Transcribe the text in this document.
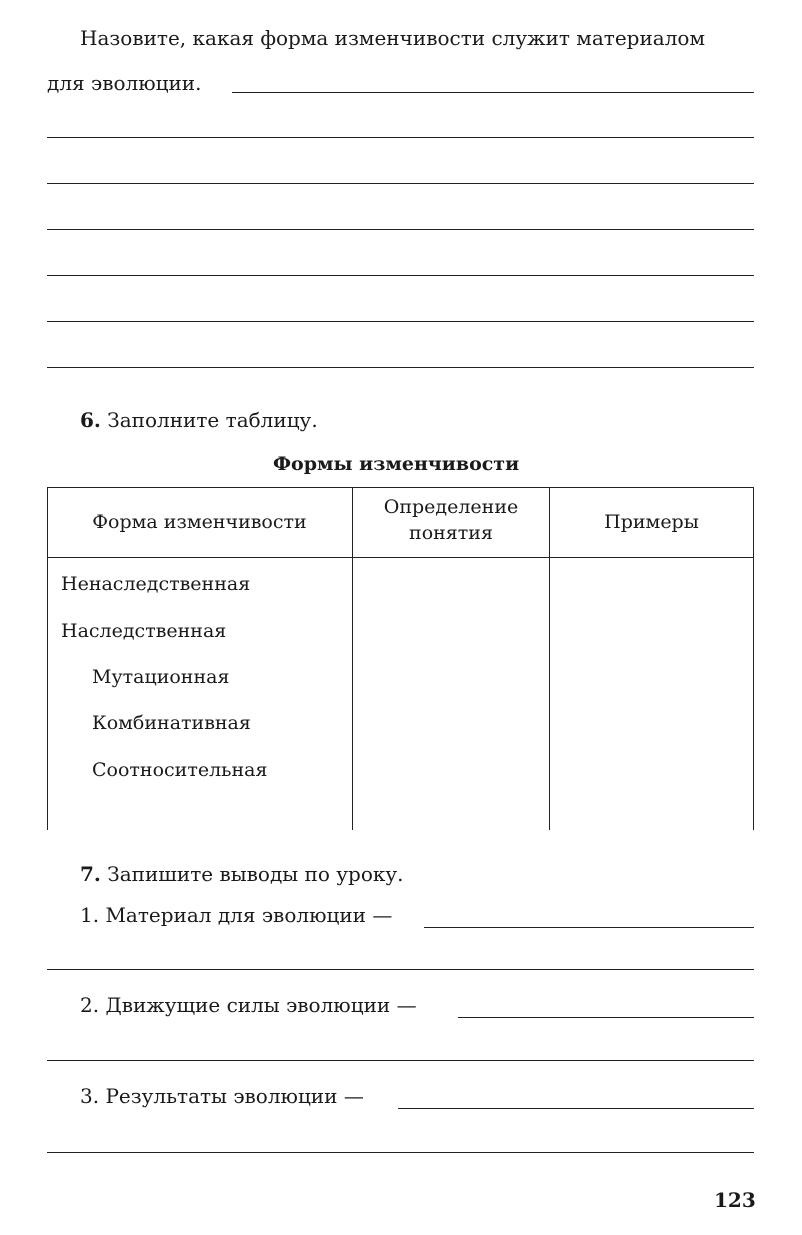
Назовите, какая форма изменчивости служит материалом
для эволюции.
6. Заполните таблицу.
Формы изменчивости
Форма изменчивости
Определение понятия	Примеры
Ненаследственная
Наследственная
Мутационная
Комбинативная
Соотносительная
7. Запишите выводы по уроку.
1. Материал для эволюции —
2. Движущие силы эволюции —
3. Результаты эволюции —
123
